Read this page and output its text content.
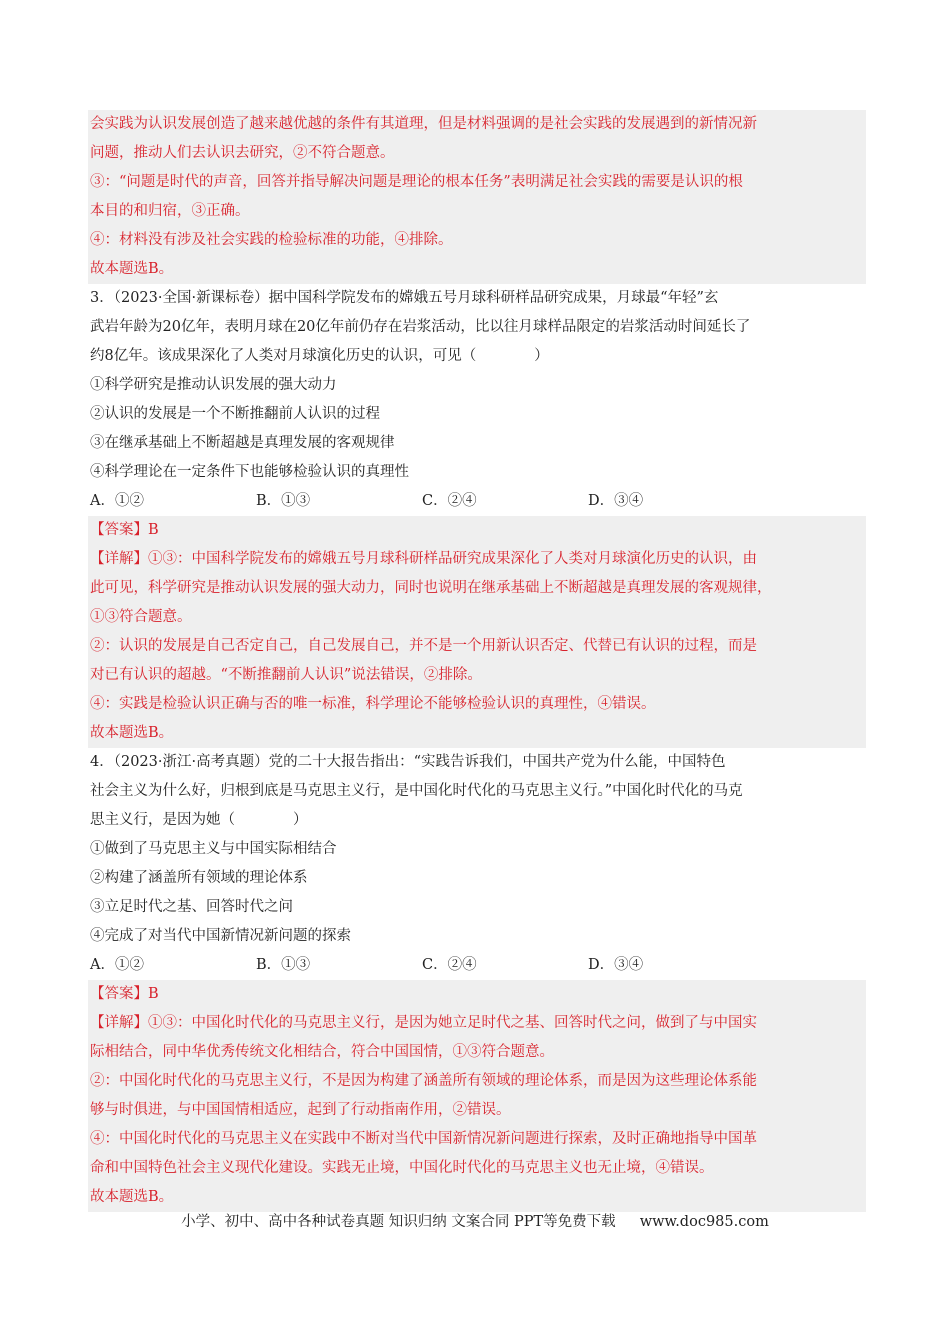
会实践为认识发展创造了越来越优越的条件有其道理，但是材料强调的是社会实践的发展遇到的新情况新
问题，推动人们去认识去研究，②不符合题意。
③：“问题是时代的声音，回答并指导解决问题是理论的根本任务”表明满足社会实践的需要是认识的根
本目的和归宿，③正确。
④：材料没有涉及社会实践的检验标准的功能，④排除。
故本题选B。
3．（2023·全国·新课标卷）据中国科学院发布的嫦娥五号月球科研样品研究成果，月球最“年轻”玄
武岩年龄为20亿年，表明月球在20亿年前仍存在岩浆活动，比以往月球样品限定的岩浆活动时间延长了
约8亿年。该成果深化了人类对月球演化历史的认识，可见（　　　　）
①科学研究是推动认识发展的强大动力
②认识的发展是一个不断推翻前人认识的过程
③在继承基础上不断超越是真理发展的客观规律
④科学理论在一定条件下也能够检验认识的真理性
A．①②	B．①③	C．②④	D．③④
【答案】B
【详解】①③：中国科学院发布的嫦娥五号月球科研样品研究成果深化了人类对月球演化历史的认识，由
此可见，科学研究是推动认识发展的强大动力，同时也说明在继承基础上不断超越是真理发展的客观规律，
①③符合题意。
②：认识的发展是自己否定自己，自己发展自己，并不是一个用新认识否定、代替已有认识的过程，而是
对已有认识的超越。“不断推翻前人认识”说法错误，②排除。
④：实践是检验认识正确与否的唯一标准，科学理论不能够检验认识的真理性，④错误。
故本题选B。
4．（2023·浙江·高考真题）党的二十大报告指出：“实践告诉我们，中国共产党为什么能，中国特色
社会主义为什么好，归根到底是马克思主义行，是中国化时代化的马克思主义行。”中国化时代化的马克
思主义行，是因为她（　　　　）
①做到了马克思主义与中国实际相结合
②构建了涵盖所有领域的理论体系
③立足时代之基、回答时代之问
④完成了对当代中国新情况新问题的探索
A．①②	B．①③	C．②④	D．③④
【答案】B
【详解】①③：中国化时代化的马克思主义行，是因为她立足时代之基、回答时代之问，做到了与中国实
际相结合，同中华优秀传统文化相结合，符合中国国情，①③符合题意。
②：中国化时代化的马克思主义行，不是因为构建了涵盖所有领域的理论体系，而是因为这些理论体系能
够与时俱进，与中国国情相适应，起到了行动指南作用，②错误。
④：中国化时代化的马克思主义在实践中不断对当代中国新情况新问题进行探索，及时正确地指导中国革
命和中国特色社会主义现代化建设。实践无止境，中国化时代化的马克思主义也无止境，④错误。
故本题选B。
小学、初中、高中各种试卷真题 知识归纳 文案合同 PPT等免费下载 www.doc985.com
